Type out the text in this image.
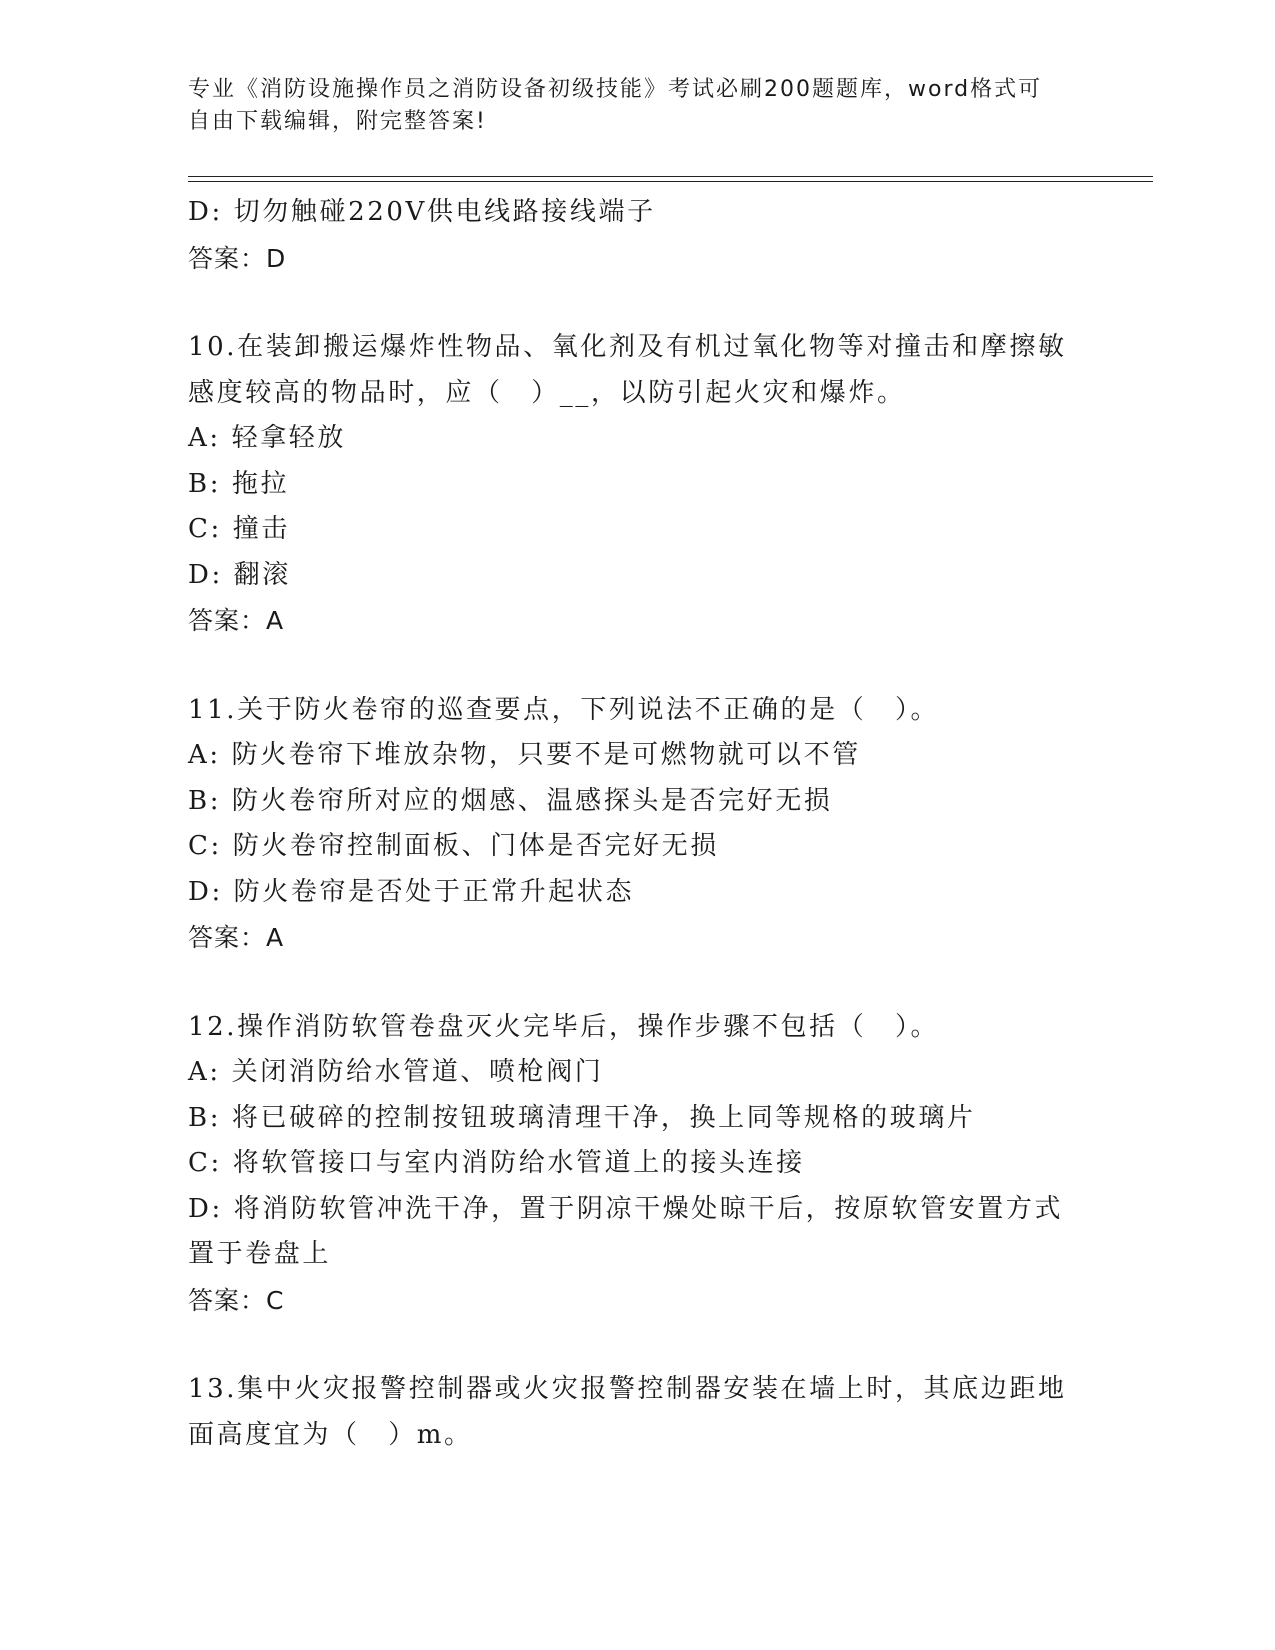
专业《消防设施操作员之消防设备初级技能》考试必刷200题题库，word格式可
自由下载编辑，附完整答案!
D: 切勿触碰220V供电线路接线端子
答案：D
10.在装卸搬运爆炸性物品、氧化剂及有机过氧化物等对撞击和摩擦敏
感度较高的物品时，应（　）__，以防引起火灾和爆炸。
A: 轻拿轻放
B: 拖拉
C: 撞击
D: 翻滚
答案：A
11.关于防火卷帘的巡查要点，下列说法不正确的是（　）。
A: 防火卷帘下堆放杂物，只要不是可燃物就可以不管
B: 防火卷帘所对应的烟感、温感探头是否完好无损
C: 防火卷帘控制面板、门体是否完好无损
D: 防火卷帘是否处于正常升起状态
答案：A
12.操作消防软管卷盘灭火完毕后，操作步骤不包括（　）。
A: 关闭消防给水管道、喷枪阀门
B: 将已破碎的控制按钮玻璃清理干净，换上同等规格的玻璃片
C: 将软管接口与室内消防给水管道上的接头连接
D: 将消防软管冲洗干净，置于阴凉干燥处晾干后，按原软管安置方式
置于卷盘上
答案：C
13.集中火灾报警控制器或火灾报警控制器安装在墙上时，其底边距地
面高度宜为（　）m。
